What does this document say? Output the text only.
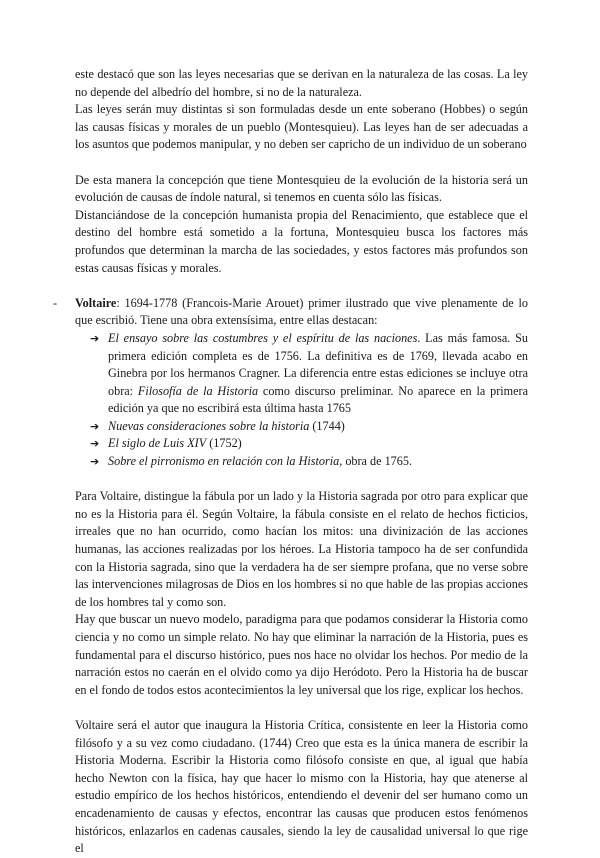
este destacó que son las leyes necesarias que se derivan en la naturaleza de las cosas. La ley no depende del albedrío del hombre, si no de la naturaleza.

Las leyes serán muy distintas si son formuladas desde un ente soberano (Hobbes) o según las causas físicas y morales de un pueblo (Montesquieu). Las leyes han de ser adecuadas a los asuntos que podemos manipular, y no deben ser capricho de un individuo de un soberano

De esta manera la concepción que tiene Montesquieu de la evolución de la historia será un evolución de causas de índole natural, si tenemos en cuenta sólo las físicas.

Distanciándose de la concepción humanista propia del Renacimiento, que establece que el destino del hombre está sometido a la fortuna, Montesquieu busca los factores más profundos que determinan la marcha de las sociedades, y estos factores más profundos son estas causas físicas y morales.

- Voltaire: 1694-1778 (Francois-Marie Arouet) primer ilustrado que vive plenamente de lo que escribió. Tiene una obra extensísima, entre ellas destacan:

➔ El ensayo sobre las costumbres y el espíritu de las naciones. Las más famosa. Su primera edición completa es de 1756. La definitiva es de 1769, llevada acabo en Ginebra por los hermanos Cragner. La diferencia entre estas ediciones se incluye otra obra: Filosofía de la Historia como discurso preliminar. No aparece en la primera edición ya que no escribirá esta última hasta 1765
➔ Nuevas consideraciones sobre la historia (1744)
➔ El siglo de Luis XIV (1752)
➔ Sobre el pirronismo en relación con la Historia, obra de 1765.

Para Voltaire, distingue la fábula por un lado y la Historia sagrada por otro para explicar que no es la Historia para él. Según Voltaire, la fábula consiste en el relato de hechos ficticios, irreales que no han ocurrido, como hacían los mitos: una divinización de las acciones humanas, las acciones realizadas por los héroes. La Historia tampoco ha de ser confundida con la Historia sagrada, sino que la verdadera ha de ser siempre profana, que no verse sobre las intervenciones milagrosas de Dios en los hombres si no que hable de las propias acciones de los hombres tal y como son.

Hay que buscar un nuevo modelo, paradigma para que podamos considerar la Historia como ciencia y no como un simple relato. No hay que eliminar la narración de la Historia, pues es fundamental para el discurso histórico, pues nos hace no olvidar los hechos. Por medio de la narración estos no caerán en el olvido como ya dijo Heródoto. Pero la Historia ha de buscar en el fondo de todos estos acontecimientos la ley universal que los rige, explicar los hechos.

Voltaire será el autor que inaugura la Historia Crítica, consistente en leer la Historia como filósofo y a su vez como ciudadano. (1744) Creo que esta es la única manera de escribir la Historia Moderna. Escribir la Historia como filósofo consiste en que, al igual que había hecho Newton con la física, hay que hacer lo mismo con la Historia, hay que atenerse al estudio empírico de los hechos históricos, entendiendo el devenir del ser humano como un encadenamiento de causas y efectos, encontrar las causas que producen estos fenómenos históricos, enlazarlos en cadenas causales, siendo la ley de causalidad universal lo que rige el
